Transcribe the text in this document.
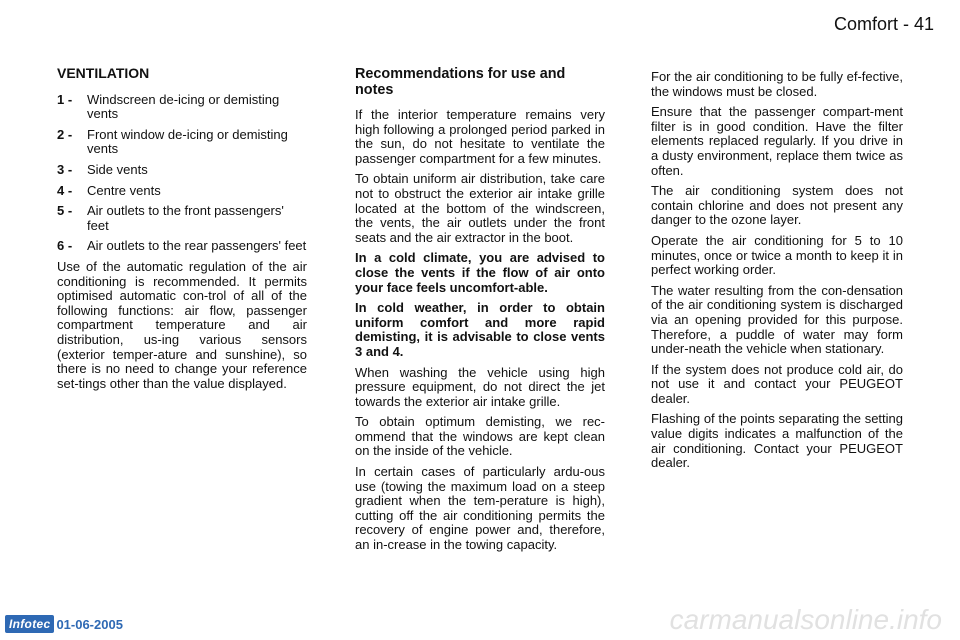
Comfort - 41
VENTILATION
1 -	Windscreen de-icing or demisting vents
2 -	Front window de-icing or demisting vents
3 -	Side vents
4 -	Centre vents
5 -	Air outlets to the front passengers' feet
6 -	Air outlets to the rear passengers' feet

Use of the automatic regulation of the air conditioning is recommended. It permits optimised automatic con-trol of all of the following functions: air flow, passenger compartment temperature and air distribution, us-ing various sensors (exterior temper-ature and sunshine), so there is no need to change your reference set-tings other than the value displayed.

Recommendations for use and notes

If the interior temperature remains very high following a prolonged period parked in the sun, do not hesitate to ventilate the passenger compartment for a few minutes.

To obtain uniform air distribution, take care not to obstruct the exterior air intake grille located at the bottom of the windscreen, the vents, the air outlets under the front seats and the air extractor in the boot.

In a cold climate, you are advised to close the vents if the flow of air onto your face feels uncomfort-able.

In cold weather, in order to obtain uniform comfort and more rapid demisting, it is advisable to close vents 3 and 4.

When washing the vehicle using high pressure equipment, do not direct the jet towards the exterior air intake grille.

To obtain optimum demisting, we rec-ommend that the windows are kept clean on the inside of the vehicle.

In certain cases of particularly ardu-ous use (towing the maximum load on a steep gradient when the tem-perature is high), cutting off the air conditioning permits the recovery of engine power and, therefore, an in-crease in the towing capacity.

For the air conditioning to be fully ef-fective, the windows must be closed.

Ensure that the passenger compart-ment filter is in good condition. Have the filter elements replaced regularly. If you drive in a dusty environment, replace them twice as often.

The air conditioning system does not contain chlorine and does not present any danger to the ozone layer.

Operate the air conditioning for 5 to 10 minutes, once or twice a month to keep it in perfect working order.

The water resulting from the con-densation of the air conditioning system is discharged via an opening provided for this purpose. Therefore, a puddle of water may form under-neath the vehicle when stationary.

If the system does not produce cold air, do not use it and contact your PEUGEOT dealer.

Flashing of the points separating the setting value digits indicates a malfunction of the air conditioning. Contact your PEUGEOT dealer.

Infotec 01-06-2005	carmanualsonline.info
